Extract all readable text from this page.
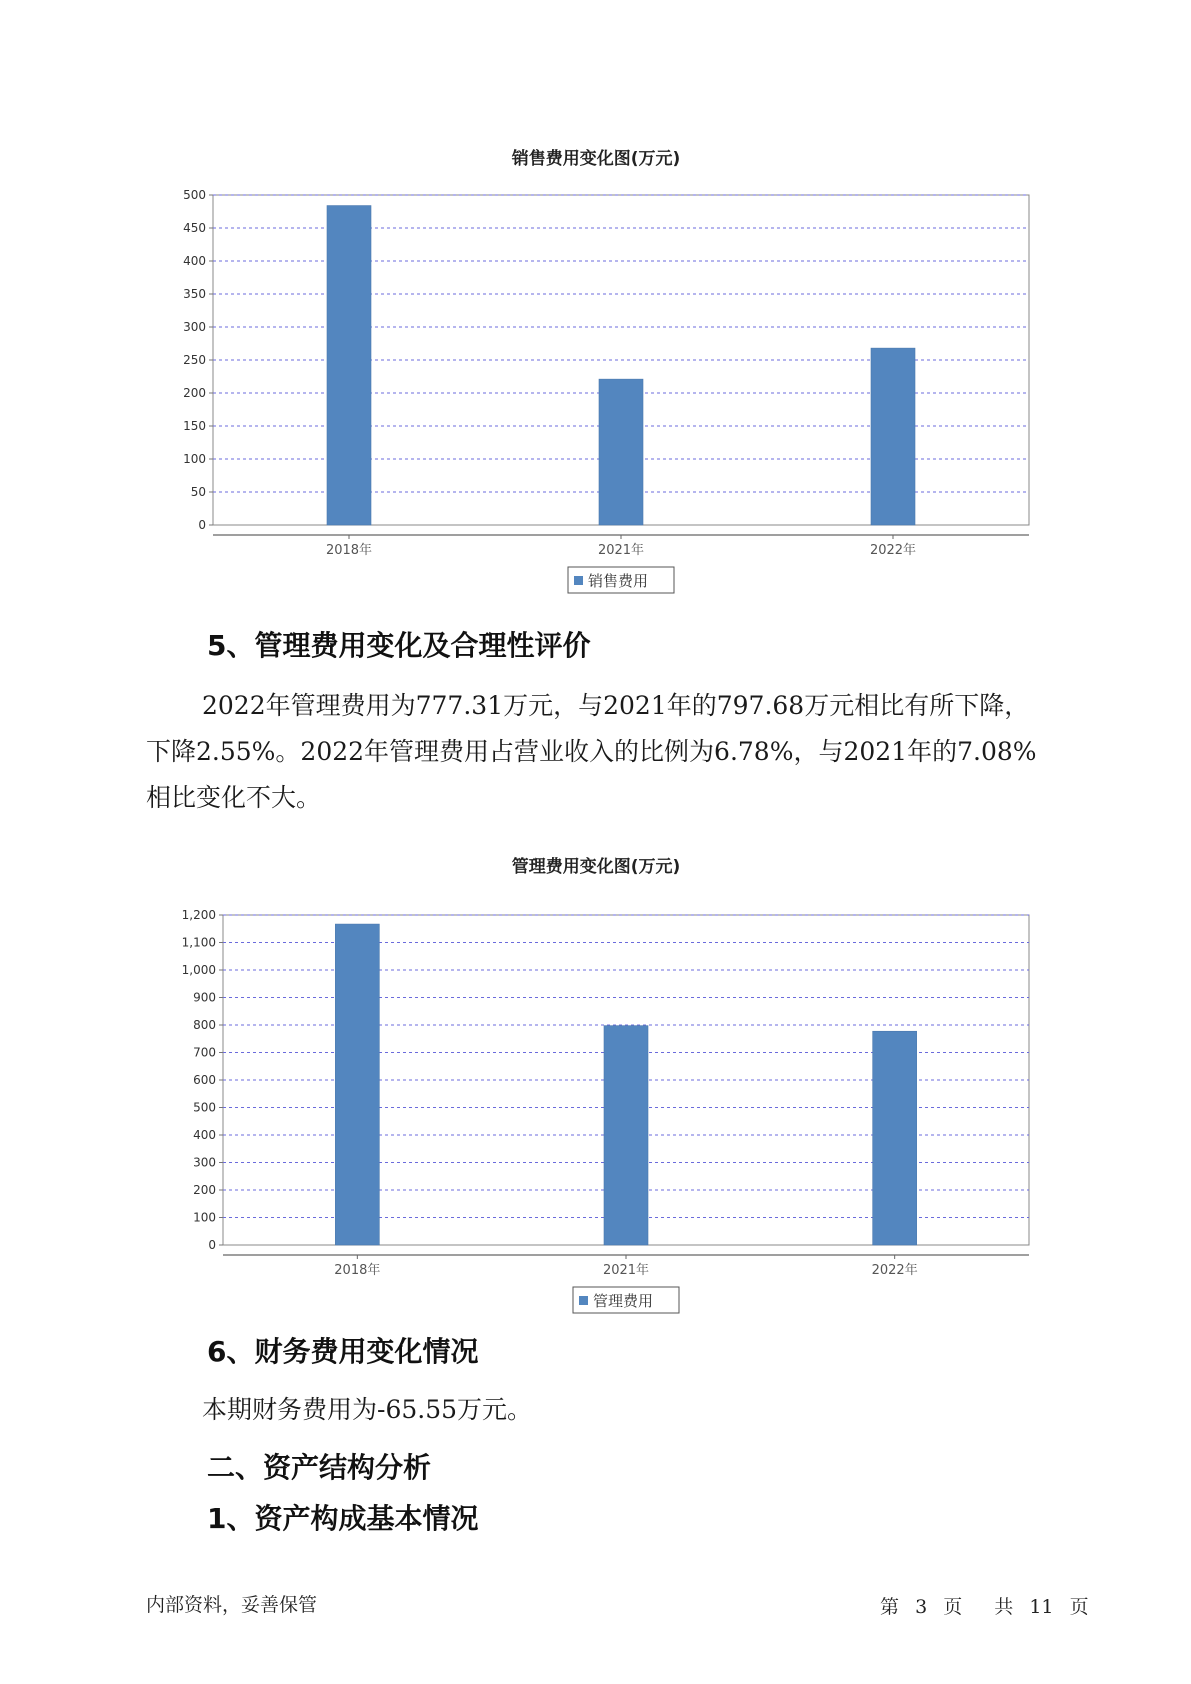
销售费用变化图(万元)
0
50
100
150
200
250
300
350
400
450
500
2018年	2021年	2022年
销售费用
5、管理费用变化及合理性评价
2022年管理费用为777.31万元，与2021年的797.68万元相比有所下降，
下降2.55%。2022年管理费用占营业收入的比例为6.78%，与2021年的7.08%
相比变化不大。
管理费用变化图(万元)
0
100
200
300
400
500
600
700
800
900
1,000
1,100
1,200
2018年	2021年	2022年
管理费用
6、财务费用变化情况
本期财务费用为-65.55万元。
二、资产结构分析
1、资产构成基本情况
内部资料，妥善保管	第 3 页 共 11 页
